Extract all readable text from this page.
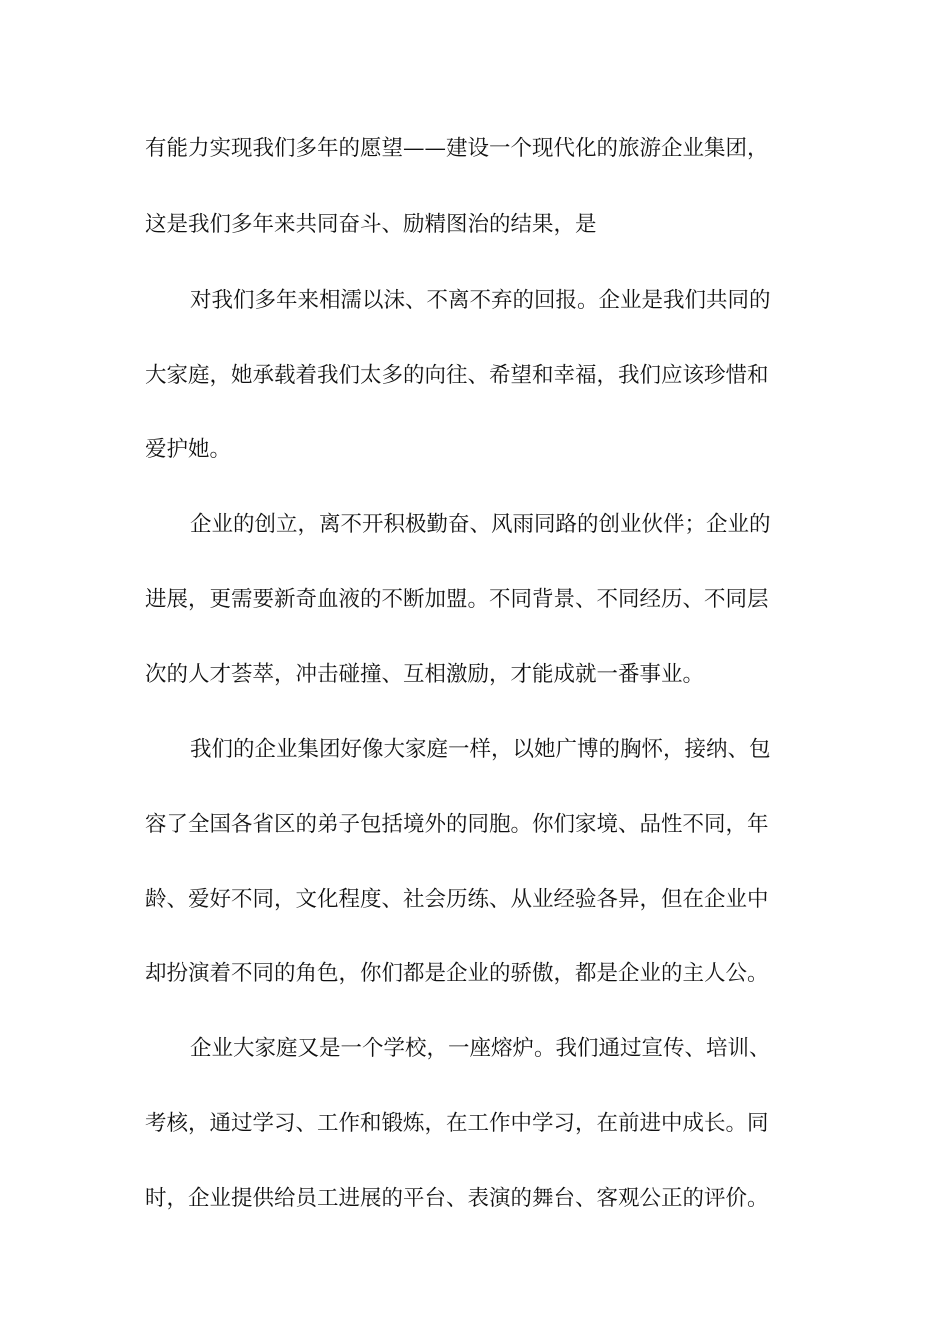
有能力实现我们多年的愿望——建设一个现代化的旅游企业集团，
这是我们多年来共同奋斗、励精图治的结果，是
对我们多年来相濡以沫、不离不弃的回报。企业是我们共同的
大家庭，她承载着我们太多的向往、希望和幸福，我们应该珍惜和
爱护她。
企业的创立，离不开积极勤奋、风雨同路的创业伙伴；企业的
进展，更需要新奇血液的不断加盟。不同背景、不同经历、不同层
次的人才荟萃，冲击碰撞、互相激励，才能成就一番事业。
我们的企业集团好像大家庭一样，以她广博的胸怀，接纳、包
容了全国各省区的弟子包括境外的同胞。你们家境、品性不同，年
龄、爱好不同，文化程度、社会历练、从业经验各异，但在企业中
却扮演着不同的角色，你们都是企业的骄傲，都是企业的主人公。
企业大家庭又是一个学校，一座熔炉。我们通过宣传、培训、
考核，通过学习、工作和锻炼，在工作中学习，在前进中成长。同
时，企业提供给员工进展的平台、表演的舞台、客观公正的评价。
